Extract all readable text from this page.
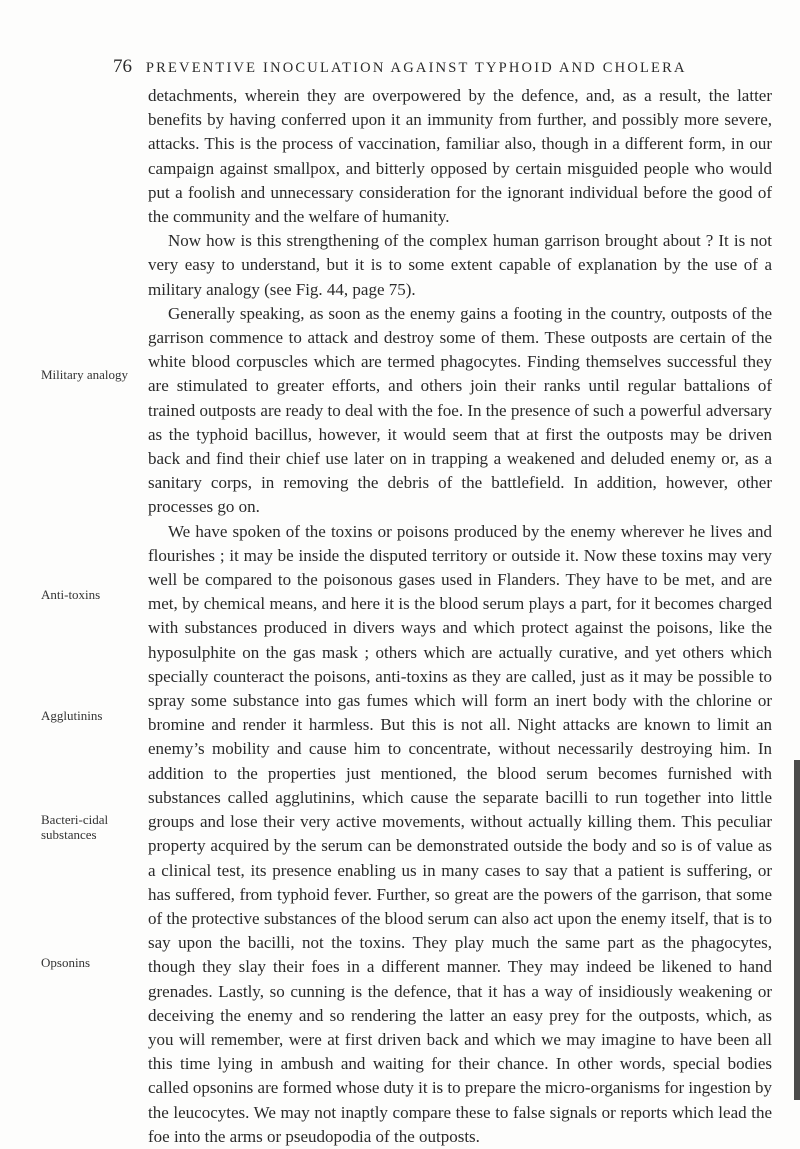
76 PREVENTIVE INOCULATION AGAINST TYPHOID AND CHOLERA
Military analogy
Anti-toxins
Agglutinins
Bacteri-cidal substances
Opsonins

detachments, wherein they are overpowered by the defence, and, as a result, the latter benefits by having conferred upon it an immunity from further, and possibly more severe, attacks. This is the process of vaccination, familiar also, though in a different form, in our campaign against smallpox, and bitterly opposed by certain misguided people who would put a foolish and unnecessary consideration for the ignorant individual before the good of the community and the welfare of humanity.

Now how is this strengthening of the complex human garrison brought about ? It is not very easy to understand, but it is to some extent capable of explanation by the use of a military analogy (see Fig. 44, page 75).

Generally speaking, as soon as the enemy gains a footing in the country, outposts of the garrison commence to attack and destroy some of them. These outposts are certain of the white blood corpuscles which are termed phagocytes. Finding themselves successful they are stimulated to greater efforts, and others join their ranks until regular battalions of trained outposts are ready to deal with the foe. In the presence of such a powerful adversary as the typhoid bacillus, however, it would seem that at first the outposts may be driven back and find their chief use later on in trapping a weakened and deluded enemy or, as a sanitary corps, in removing the debris of the battlefield. In addition, however, other processes go on.

We have spoken of the toxins or poisons produced by the enemy wherever he lives and flourishes ; it may be inside the disputed territory or outside it. Now these toxins may very well be compared to the poisonous gases used in Flanders. They have to be met, and are met, by chemical means, and here it is the blood serum plays a part, for it becomes charged with substances produced in divers ways and which protect against the poisons, like the hyposulphite on the gas mask ; others which are actually curative, and yet others which specially counteract the poisons, anti-toxins as they are called, just as it may be possible to spray some substance into gas fumes which will form an inert body with the chlorine or bromine and render it harmless. But this is not all. Night attacks are known to limit an enemy’s mobility and cause him to concentrate, without necessarily destroying him. In addition to the properties just mentioned, the blood serum becomes furnished with substances called agglutinins, which cause the separate bacilli to run together into little groups and lose their very active movements, without actually killing them. This peculiar property acquired by the serum can be demonstrated outside the body and so is of value as a clinical test, its presence enabling us in many cases to say that a patient is suffering, or has suffered, from typhoid fever. Further, so great are the powers of the garrison, that some of the protective substances of the blood serum can also act upon the enemy itself, that is to say upon the bacilli, not the toxins. They play much the same part as the phagocytes, though they slay their foes in a different manner. They may indeed be likened to hand grenades. Lastly, so cunning is the defence, that it has a way of insidiously weakening or deceiving the enemy and so rendering the latter an easy prey for the outposts, which, as you will remember, were at first driven back and which we may imagine to have been all this time lying in ambush and waiting for their chance. In other words, special bodies called opsonins are formed whose duty it is to prepare the micro-organisms for ingestion by the leucocytes. We may not inaptly compare these to false signals or reports which lead the foe into the arms or pseudopodia of the outposts.
